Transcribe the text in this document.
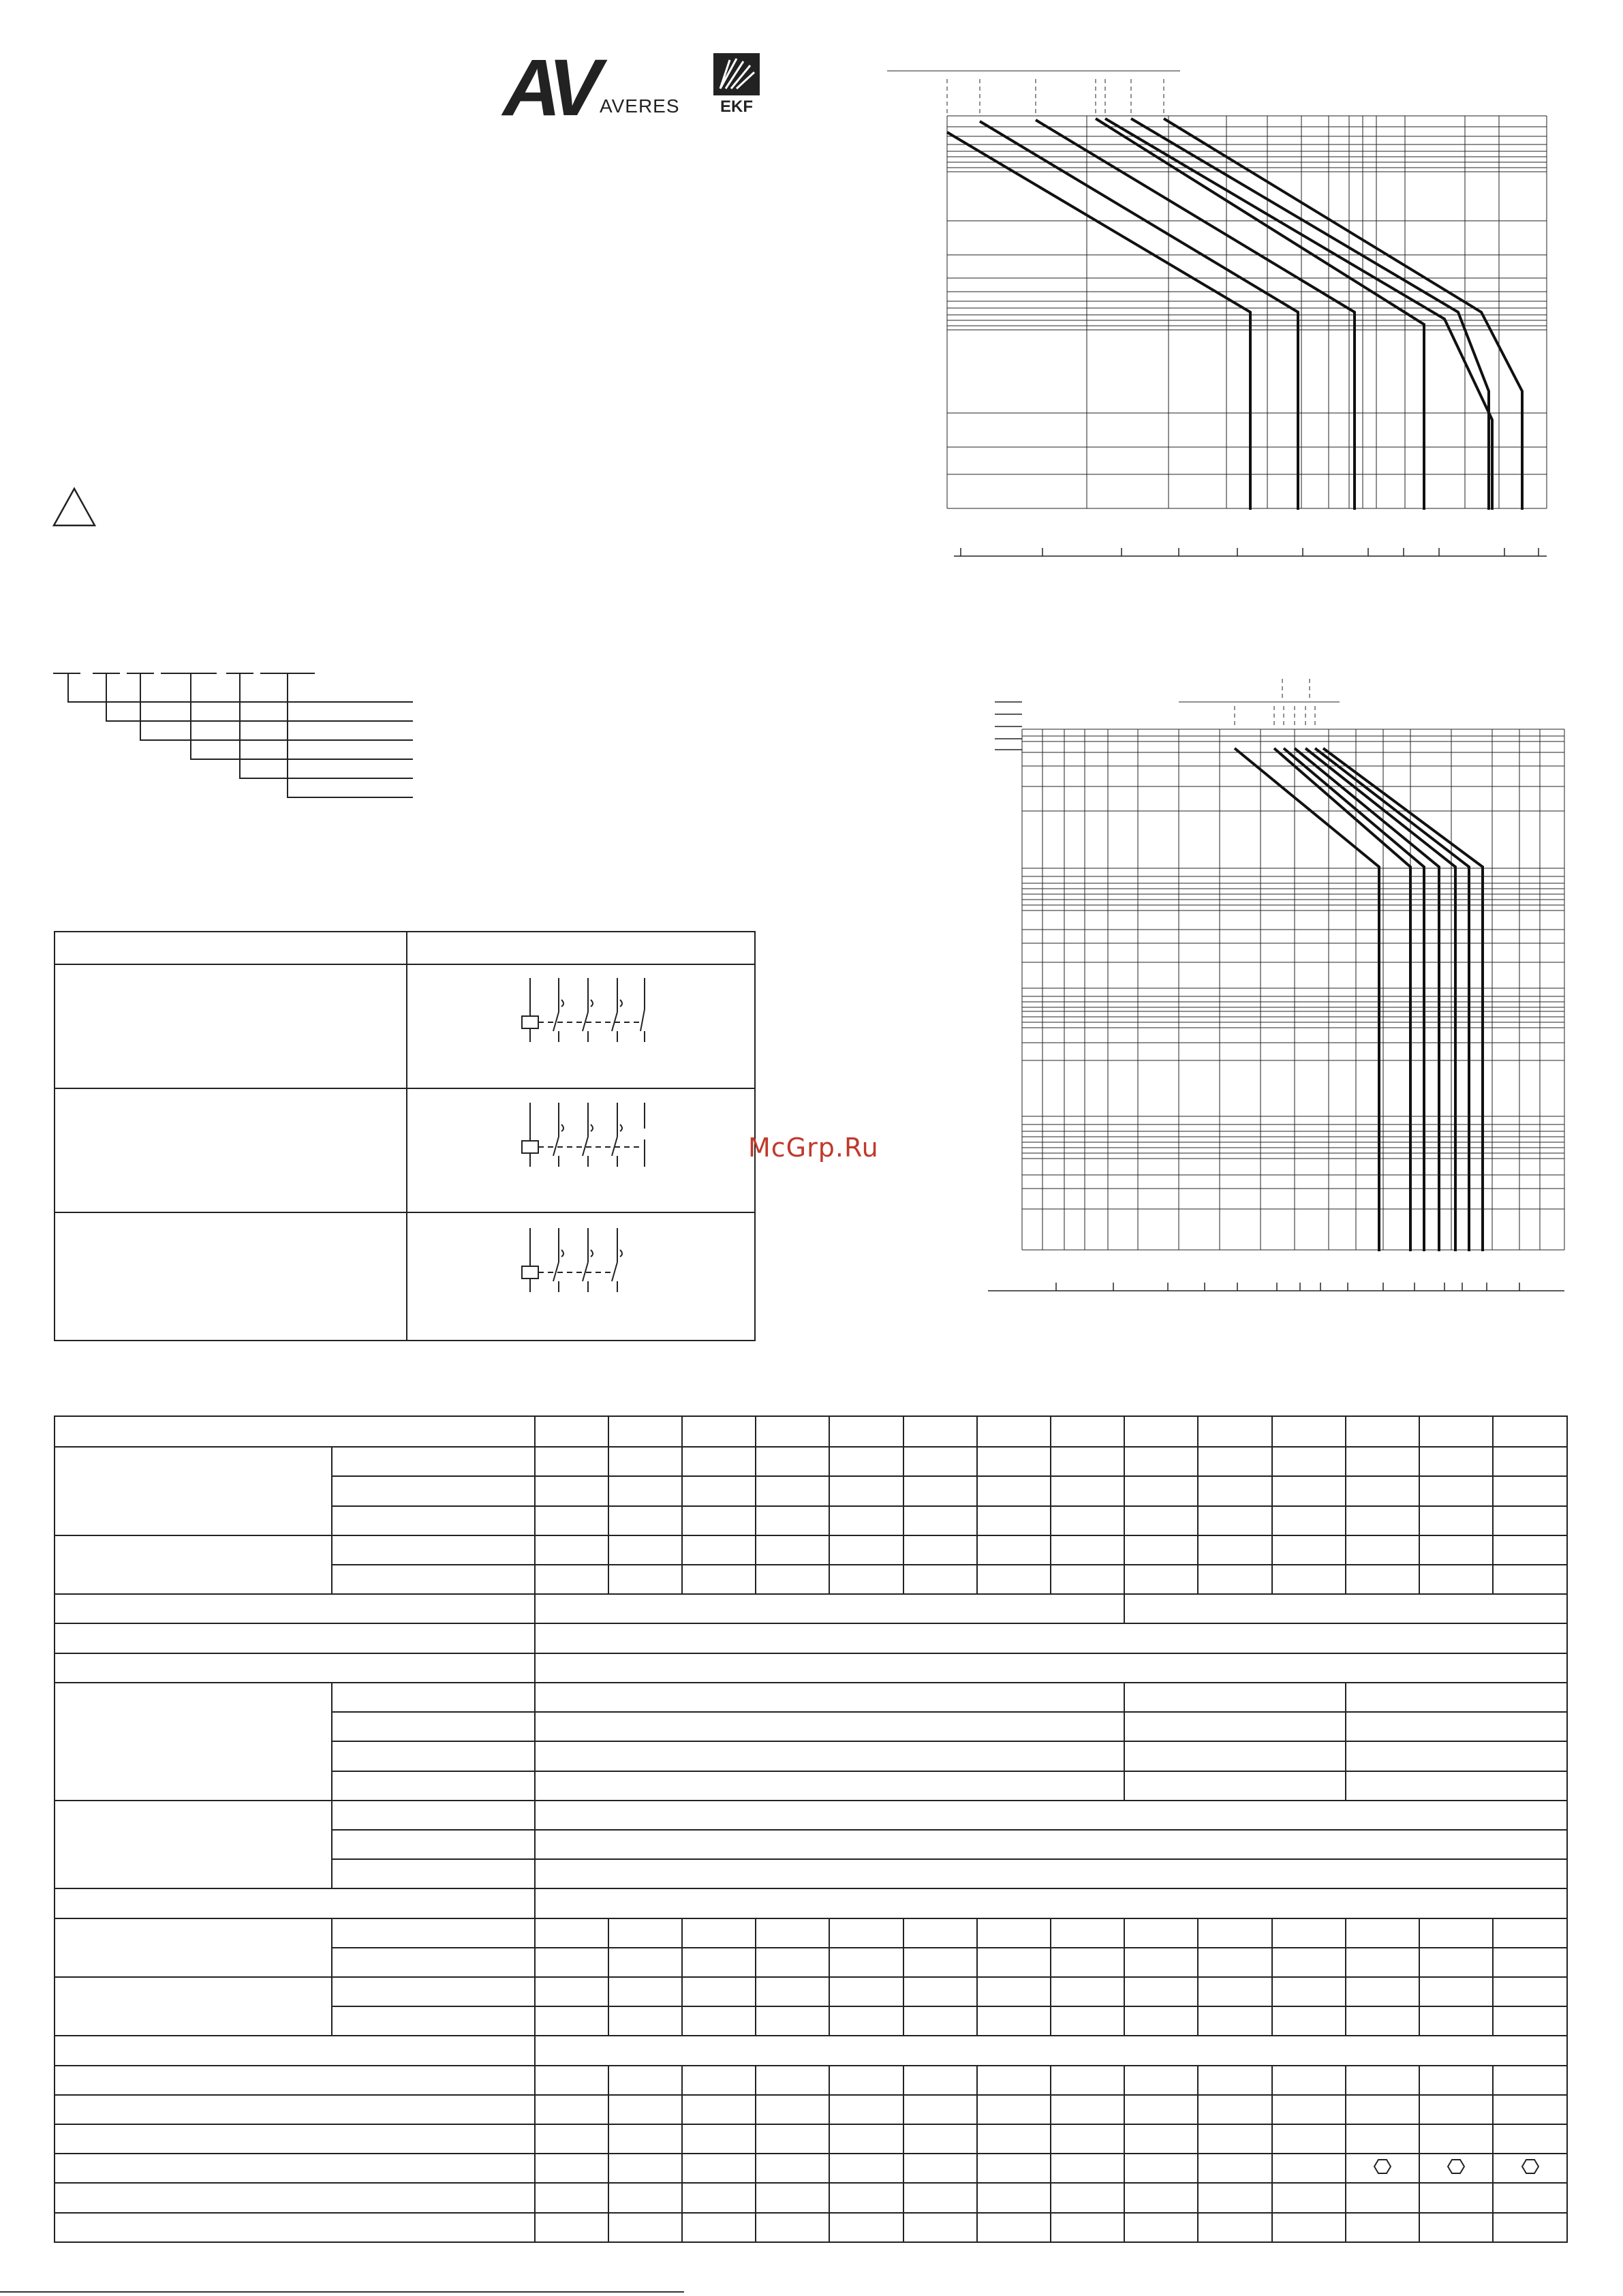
AV AVERES EKF

McGrp.Ru
